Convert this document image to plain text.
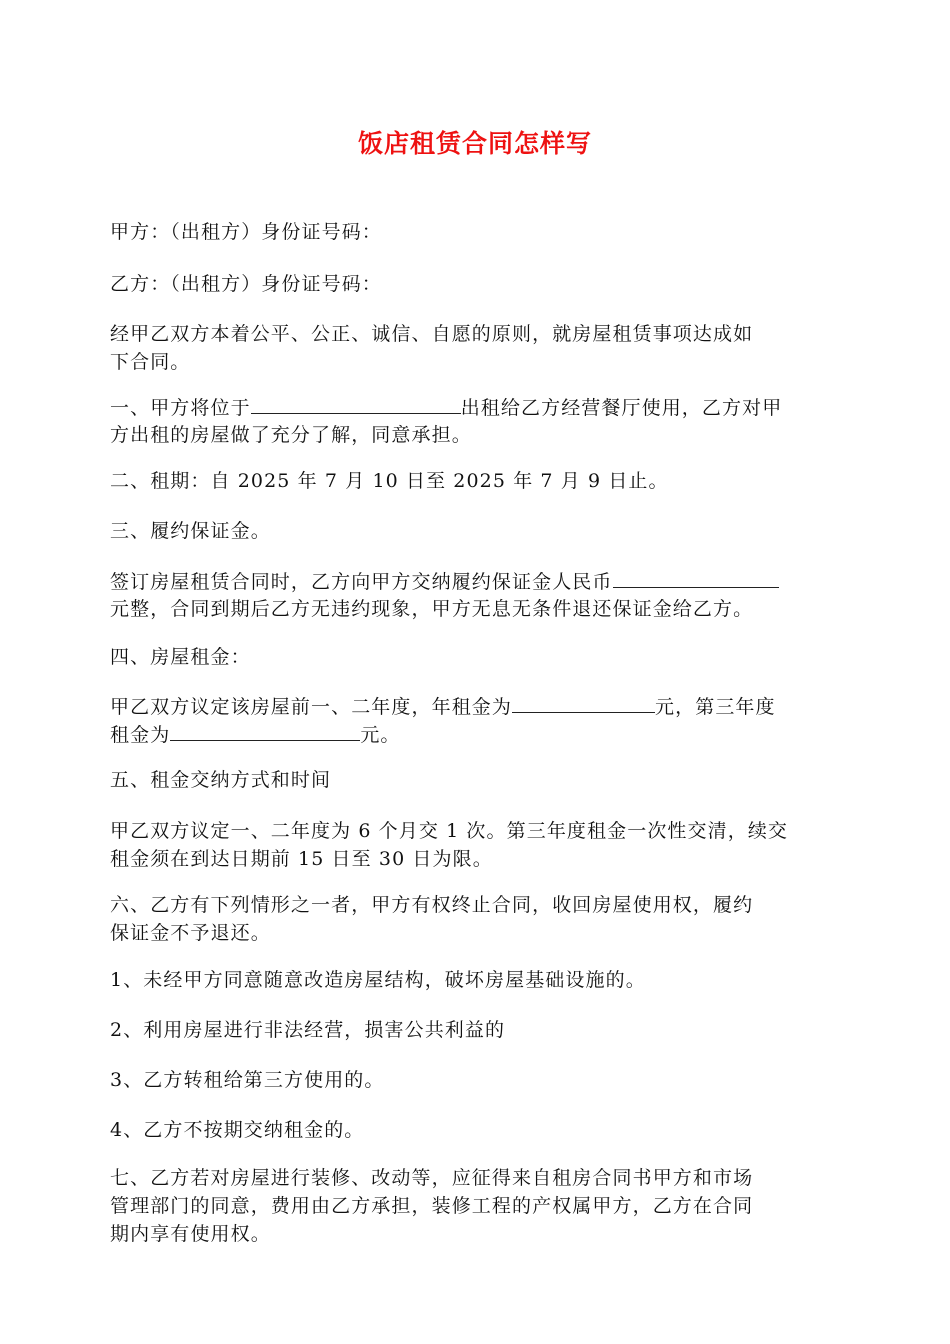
饭店租赁合同怎样写
甲方：（出租方）身份证号码：
乙方：（出租方）身份证号码：
经甲乙双方本着公平、公正、诚信、自愿的原则，就房屋租赁事项达成如
下合同。
一、甲方将位于	出租给乙方经营餐厅使用，乙方对甲
方出租的房屋做了充分了解，同意承担。
二、租期：自 2025 年 7 月 10 日至 2025 年 7 月 9 日止。
三、履约保证金。
签订房屋租赁合同时，乙方向甲方交纳履约保证金人民币
元整，合同到期后乙方无违约现象，甲方无息无条件退还保证金给乙方。
四、房屋租金：
甲乙双方议定该房屋前一、二年度，年租金为	元，第三年度
租金为	元。
五、租金交纳方式和时间
甲乙双方议定一、二年度为 6 个月交 1 次。第三年度租金一次性交清，续交
租金须在到达日期前 15 日至 30 日为限。
六、乙方有下列情形之一者，甲方有权终止合同，收回房屋使用权，履约
保证金不予退还。
1、未经甲方同意随意改造房屋结构，破坏房屋基础设施的。
2、利用房屋进行非法经营，损害公共利益的
3、乙方转租给第三方使用的。
4、乙方不按期交纳租金的。
七、乙方若对房屋进行装修、改动等，应征得来自租房合同书甲方和市场
管理部门的同意，费用由乙方承担，装修工程的产权属甲方，乙方在合同
期内享有使用权。
